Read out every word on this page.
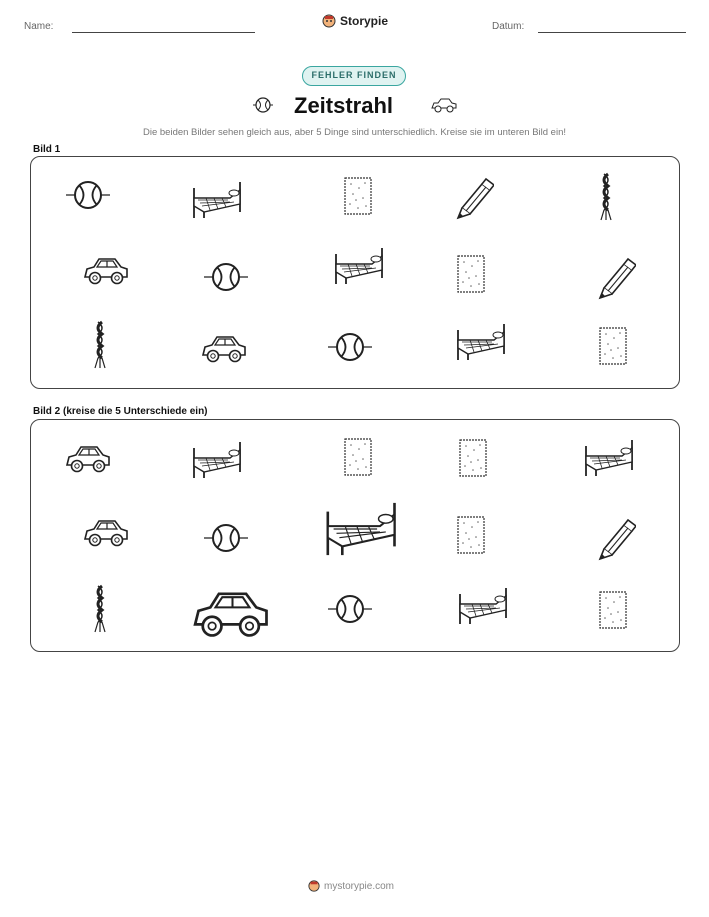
Name:	Storypie	Datum:
FEHLER FINDEN
Zeitstrahl
Die beiden Bilder sehen gleich aus, aber 5 Dinge sind unterschiedlich. Kreise sie im unteren Bild ein!
Bild 1
Bild 2 (kreise die 5 Unterschiede ein)
mystorypie.com
